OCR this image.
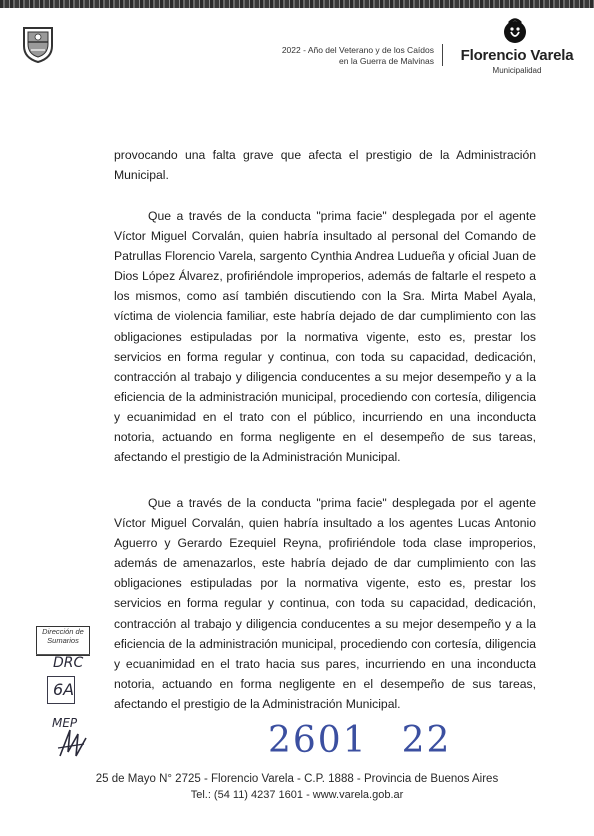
2022 - Año del Veterano y de los Caídos
en la Guerra de Malvinas	Florencio Varela
Municipalidad

provocando una falta grave que afecta el prestigio de la Administración Municipal.

Que a través de la conducta "prima facie" desplegada por el agente Víctor Miguel Corvalán, quien habría insultado al personal del Comando de Patrullas Florencio Varela, sargento Cynthia Andrea Ludueña y oficial Juan de Dios López Álvarez, profiriéndole improperios, además de faltarle el respeto a los mismos, como así también discutiendo con la Sra. Mirta Mabel Ayala, víctima de violencia familiar, este habría dejado de dar cumplimiento con las obligaciones estipuladas por la normativa vigente, esto es, prestar los servicios en forma regular y continua, con toda su capacidad, dedicación, contracción al trabajo y diligencia conducentes a su mejor desempeño y a la eficiencia de la administración municipal, procediendo con cortesía, diligencia y ecuanimidad en el trato con el público, incurriendo en una inconducta notoria, actuando en forma negligente en el desempeño de sus tareas, afectando el prestigio de la Administración Municipal.

Que a través de la conducta "prima facie" desplegada por el agente Víctor Miguel Corvalán, quien habría insultado a los agentes Lucas Antonio Aguerro y Gerardo Ezequiel Reyna, profiriéndole toda clase improperios, además de amenazarlos, este habría dejado de dar cumplimiento con las obligaciones estipuladas por la normativa vigente, esto es, prestar los servicios en forma regular y continua, con toda su capacidad, dedicación, contracción al trabajo y diligencia conducentes a su mejor desempeño y a la eficiencia de la administración municipal, procediendo con cortesía, diligencia y ecuanimidad en el trato hacia sus pares, incurriendo en una inconducta notoria, actuando en forma negligente en el desempeño de sus tareas, afectando el prestigio de la Administración Municipal.

Dirección de
Sumarios
DRC
6A
MEP	2601 22
25 de Mayo N° 2725 - Florencio Varela - C.P. 1888 - Provincia de Buenos Aires
Tel.: (54 11) 4237 1601 - www.varela.gob.ar
